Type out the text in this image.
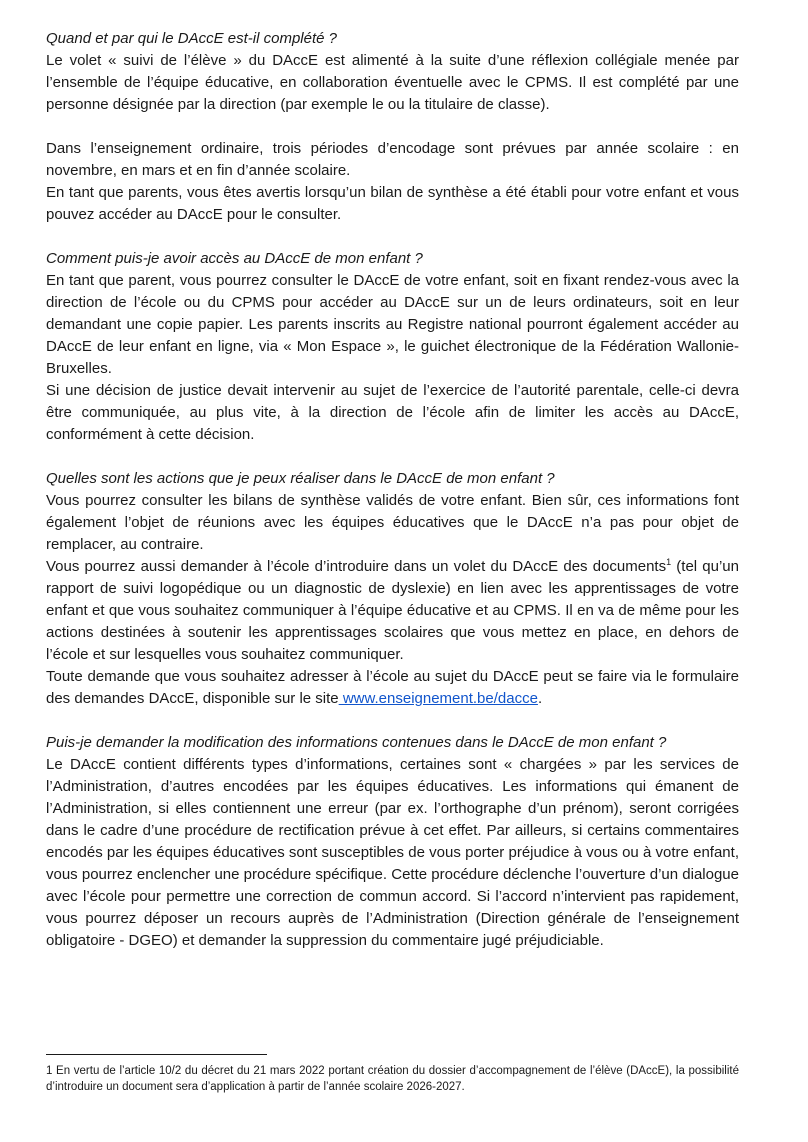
Quand et par qui le DAccE est-il complété ?

Le volet « suivi de l’élève » du DAccE est alimenté à la suite d’une réflexion collégiale menée par l’ensemble de l’équipe éducative, en collaboration éventuelle avec le CPMS. Il est complété par une personne désignée par la direction (par exemple le ou la titulaire de classe).

Dans l’enseignement ordinaire, trois périodes d’encodage sont prévues par année scolaire : en novembre, en mars et en fin d’année scolaire.

En tant que parents, vous êtes avertis lorsqu’un bilan de synthèse a été établi pour votre enfant et vous pouvez accéder au DAccE pour le consulter.

Comment puis-je avoir accès au DAccE de mon enfant ?

En tant que parent, vous pourrez consulter le DAccE de votre enfant, soit en fixant rendez-vous avec la direction de l’école ou du CPMS pour accéder au DAccE sur un de leurs ordinateurs, soit en leur demandant une copie papier. Les parents inscrits au Registre national pourront également accéder au DAccE de leur enfant en ligne, via « Mon Espace », le guichet électronique de la Fédération Wallonie-Bruxelles.

Si une décision de justice devait intervenir au sujet de l’exercice de l’autorité parentale, celle-ci devra être communiquée, au plus vite, à la direction de l’école afin de limiter les accès au DAccE, conformément à cette décision.

Quelles sont les actions que je peux réaliser dans le DAccE de mon enfant ?

Vous pourrez consulter les bilans de synthèse validés de votre enfant. Bien sûr, ces informations font également l’objet de réunions avec les équipes éducatives que le DAccE n’a pas pour objet de remplacer, au contraire.

Vous pourrez aussi demander à l’école d’introduire dans un volet du DAccE des documents$^1$ (tel qu’un rapport de suivi logopédique ou un diagnostic de dyslexie) en lien avec les apprentissages de votre enfant et que vous souhaitez communiquer à l’équipe éducative et au CPMS. Il en va de même pour les actions destinées à soutenir les apprentissages scolaires que vous mettez en place, en dehors de l’école et sur lesquelles vous souhaitez communiquer.

Toute demande que vous souhaitez adresser à l’école au sujet du DAccE peut se faire via le formulaire des demandes DAccE, disponible sur le site www.enseignement.be/dacce.

Puis-je demander la modification des informations contenues dans le DAccE de mon enfant ?

Le DAccE contient différents types d’informations, certaines sont « chargées » par les services de l’Administration, d’autres encodées par les équipes éducatives. Les informations qui émanent de l’Administration, si elles contiennent une erreur (par ex. l’orthographe d’un prénom), seront corrigées dans le cadre d’une procédure de rectification prévue à cet effet. Par ailleurs, si certains commentaires encodés par les équipes éducatives sont susceptibles de vous porter préjudice à vous ou à votre enfant, vous pourrez enclencher une procédure spécifique. Cette procédure déclenche l’ouverture d’un dialogue avec l’école pour permettre une correction de commun accord. Si l’accord n’intervient pas rapidement, vous pourrez déposer un recours auprès de l’Administration (Direction générale de l’enseignement obligatoire - DGEO) et demander la suppression du commentaire jugé préjudiciable.

1 En vertu de l’article 10/2 du décret du 21 mars 2022 portant création du dossier d’accompagnement de l’élève (DAccE), la possibilité d’introduire un document sera d’application à partir de l’année scolaire 2026-2027.
